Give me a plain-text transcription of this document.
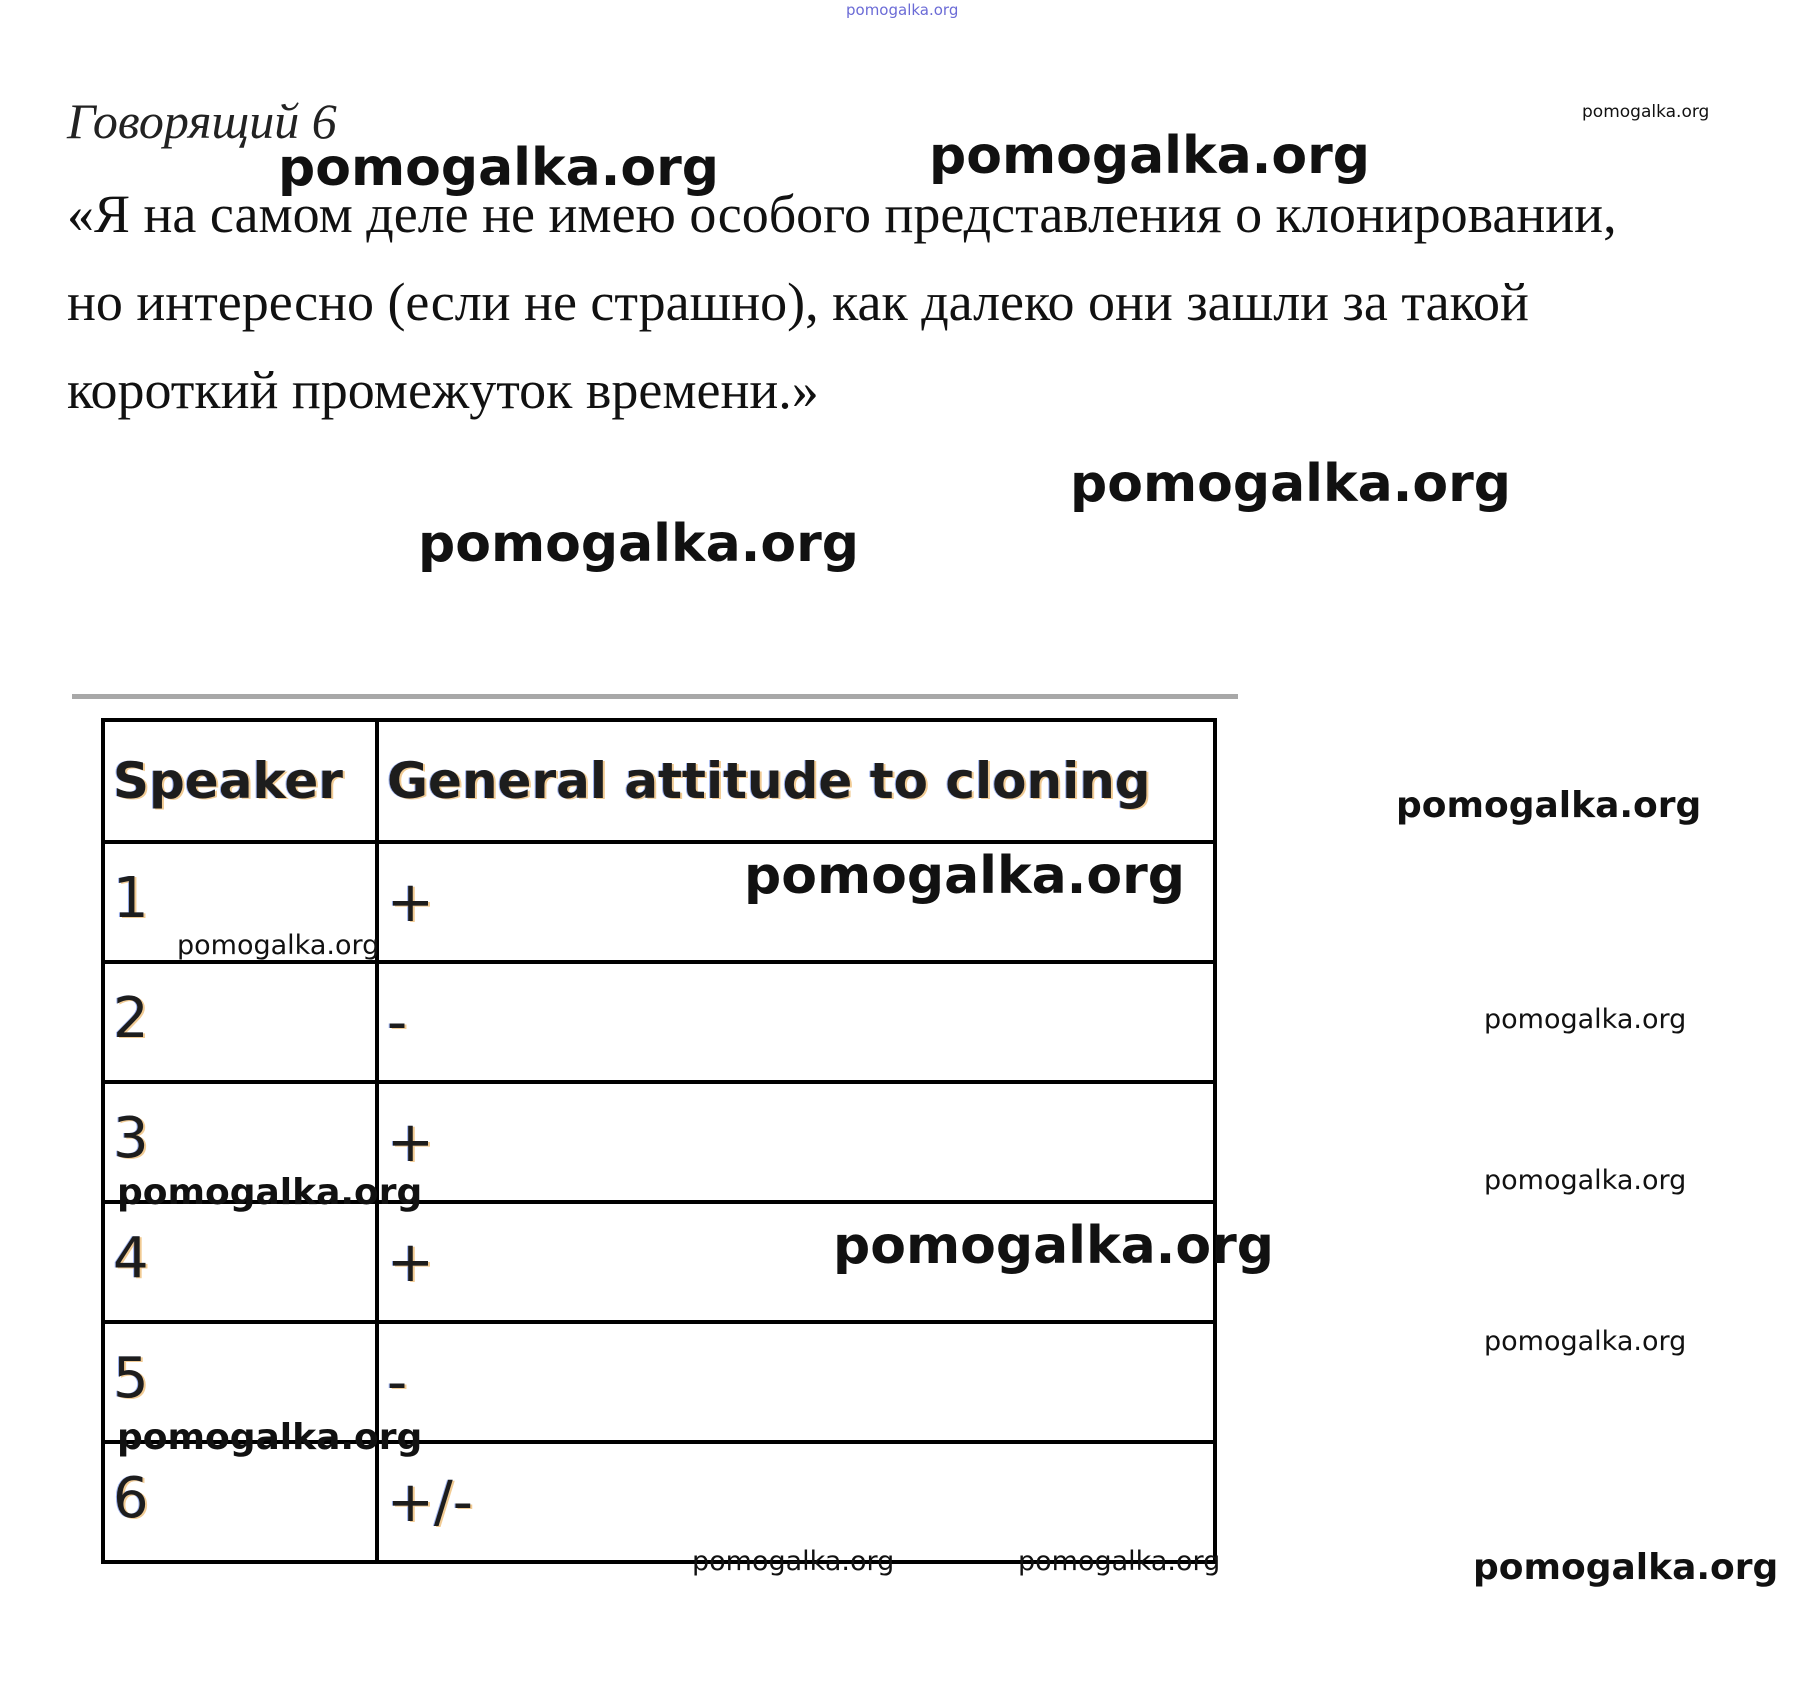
pomogalka.org
Говорящий 6
«Я на самом деле не имею особого представления о клонировании,
но интересно (если не страшно), как далеко они зашли за такой
короткий промежуток времени.»
Speaker	General attitude to cloning
1	+
2	-
3	+
4	+
5	-
6	+/-
pomogalka.org
pomogalka.org	pomogalka.org
pomogalka.org
pomogalka.org
pomogalka.org
pomogalka.org
pomogalka.org
pomogalka.org
pomogalka.org
pomogalka.org
pomogalka.org
pomogalka.org
pomogalka.org
pomogalka.org	pomogalka.org	pomogalka.org
